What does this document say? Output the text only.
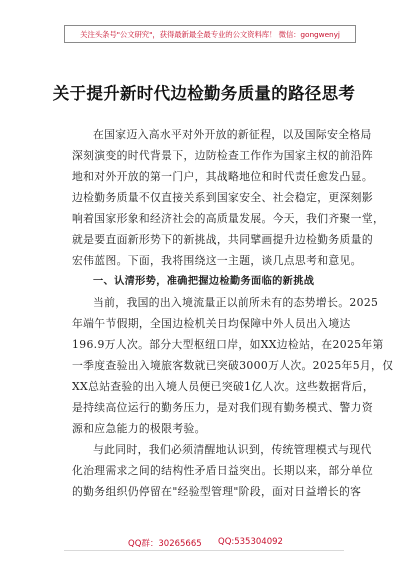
关注头条号"公文研究"，获得最新最全最专业的公文资料库！ 微信：gongwenyj
关于提升新时代边检勤务质量的路径思考
在国家迈入高水平对外开放的新征程，以及国际安全格局
深刻演变的时代背景下，边防检查工作作为国家主权的前沿阵
地和对外开放的第一门户，其战略地位和时代责任愈发凸显。
边检勤务质量不仅直接关系到国家安全、社会稳定，更深刻影
响着国家形象和经济社会的高质量发展。今天，我们齐聚一堂，
就是要直面新形势下的新挑战，共同擘画提升边检勤务质量的
宏伟蓝图。下面，我将围绕这一主题，谈几点思考和意见。
一、认清形势，准确把握边检勤务面临的新挑战
当前，我国的出入境流量正以前所未有的态势增长。2025
年端午节假期，全国边检机关日均保障中外人员出入境达
196.9万人次。部分大型枢纽口岸，如XX边检站，在2025年第
一季度查验出入境旅客数就已突破3000万人次。2025年5月，仅
XX总站查验的出入境人员便已突破1亿人次。这些数据背后，
是持续高位运行的勤务压力，是对我们现有勤务模式、警力资
源和应急能力的极限考验。
与此同时，我们必须清醒地认识到，传统管理模式与现代
化治理需求之间的结构性矛盾日益突出。长期以来，部分单位
的勤务组织仍停留在"经验型管理"阶段，面对日益增长的客
QQ群：30265665 QQ:535304092
